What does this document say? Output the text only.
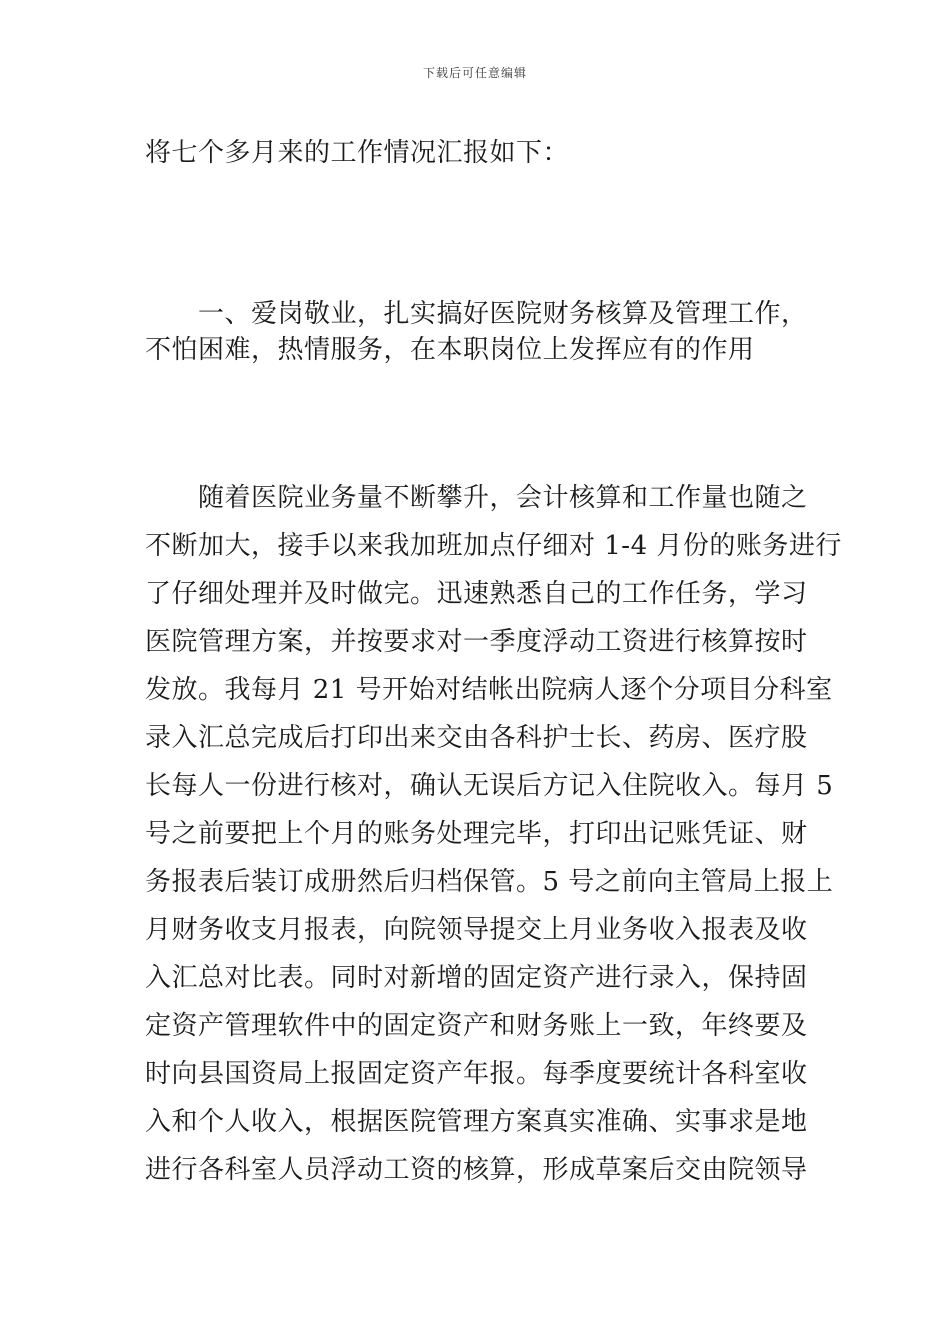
下载后可任意编辑
将七个多月来的工作情况汇报如下：
　　一、爱岗敬业，扎实搞好医院财务核算及管理工作，
不怕困难，热情服务，在本职岗位上发挥应有的作用
　　随着医院业务量不断攀升，会计核算和工作量也随之
不断加大，接手以来我加班加点仔细对 1-4 月份的账务进行
了仔细处理并及时做完。迅速熟悉自己的工作任务，学习
医院管理方案，并按要求对一季度浮动工资进行核算按时
发放。我每月 21 号开始对结帐出院病人逐个分项目分科室
录入汇总完成后打印出来交由各科护士长、药房、医疗股
长每人一份进行核对，确认无误后方记入住院收入。每月 5
号之前要把上个月的账务处理完毕，打印出记账凭证、财
务报表后装订成册然后归档保管。5 号之前向主管局上报上
月财务收支月报表，向院领导提交上月业务收入报表及收
入汇总对比表。同时对新增的固定资产进行录入，保持固
定资产管理软件中的固定资产和财务账上一致，年终要及
时向县国资局上报固定资产年报。每季度要统计各科室收
入和个人收入，根据医院管理方案真实准确、实事求是地
进行各科室人员浮动工资的核算，形成草案后交由院领导
